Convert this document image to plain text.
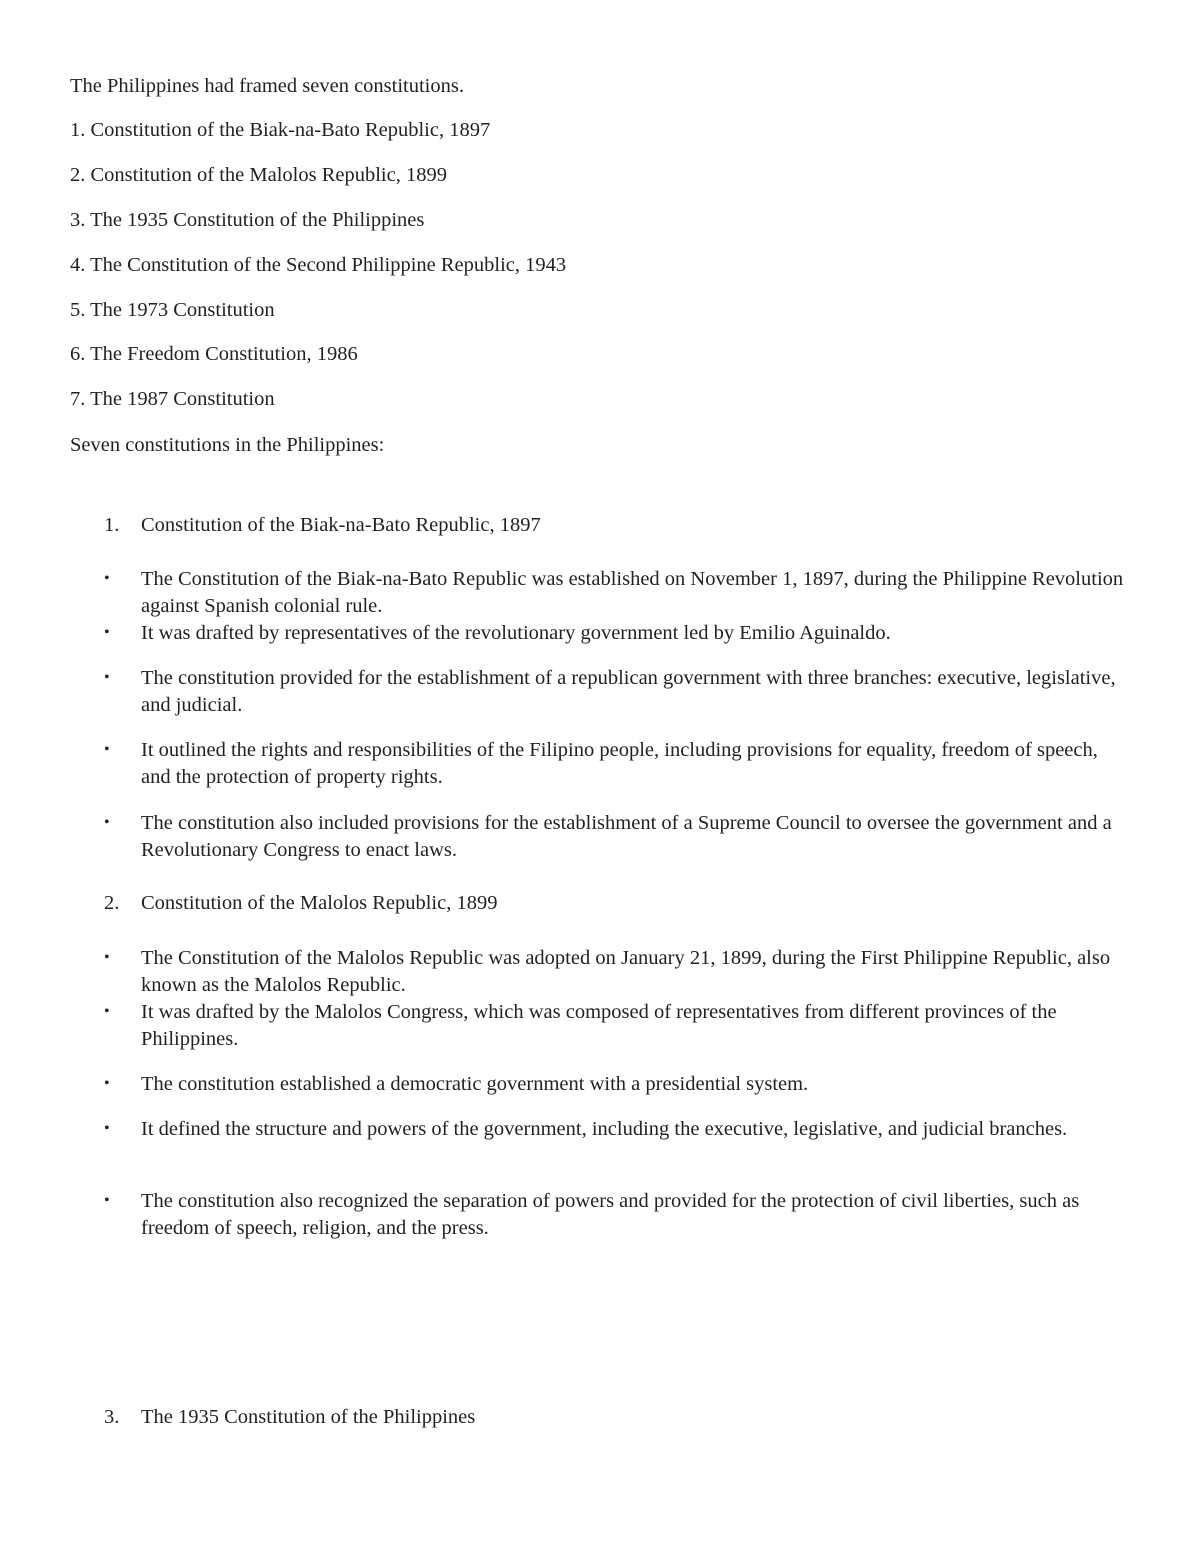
The Philippines had framed seven constitutions.
1. Constitution of the Biak-na-Bato Republic, 1897
2. Constitution of the Malolos Republic, 1899
3. The 1935 Constitution of the Philippines
4. The Constitution of the Second Philippine Republic, 1943
5. The 1973 Constitution
6. The Freedom Constitution, 1986
7. The 1987 Constitution
Seven constitutions in the Philippines:
1. Constitution of the Biak-na-Bato Republic, 1897
• The Constitution of the Biak-na-Bato Republic was established on November 1, 1897, during the Philippine Revolution against Spanish colonial rule.
• It was drafted by representatives of the revolutionary government led by Emilio Aguinaldo.
• The constitution provided for the establishment of a republican government with three branches: executive, legislative, and judicial.
• It outlined the rights and responsibilities of the Filipino people, including provisions for equality, freedom of speech, and the protection of property rights.
• The constitution also included provisions for the establishment of a Supreme Council to oversee the government and a Revolutionary Congress to enact laws.
2. Constitution of the Malolos Republic, 1899
• The Constitution of the Malolos Republic was adopted on January 21, 1899, during the First Philippine Republic, also known as the Malolos Republic.
• It was drafted by the Malolos Congress, which was composed of representatives from different provinces of the Philippines.
• The constitution established a democratic government with a presidential system.
• It defined the structure and powers of the government, including the executive, legislative, and judicial branches.
• The constitution also recognized the separation of powers and provided for the protection of civil liberties, such as freedom of speech, religion, and the press.
3. The 1935 Constitution of the Philippines
